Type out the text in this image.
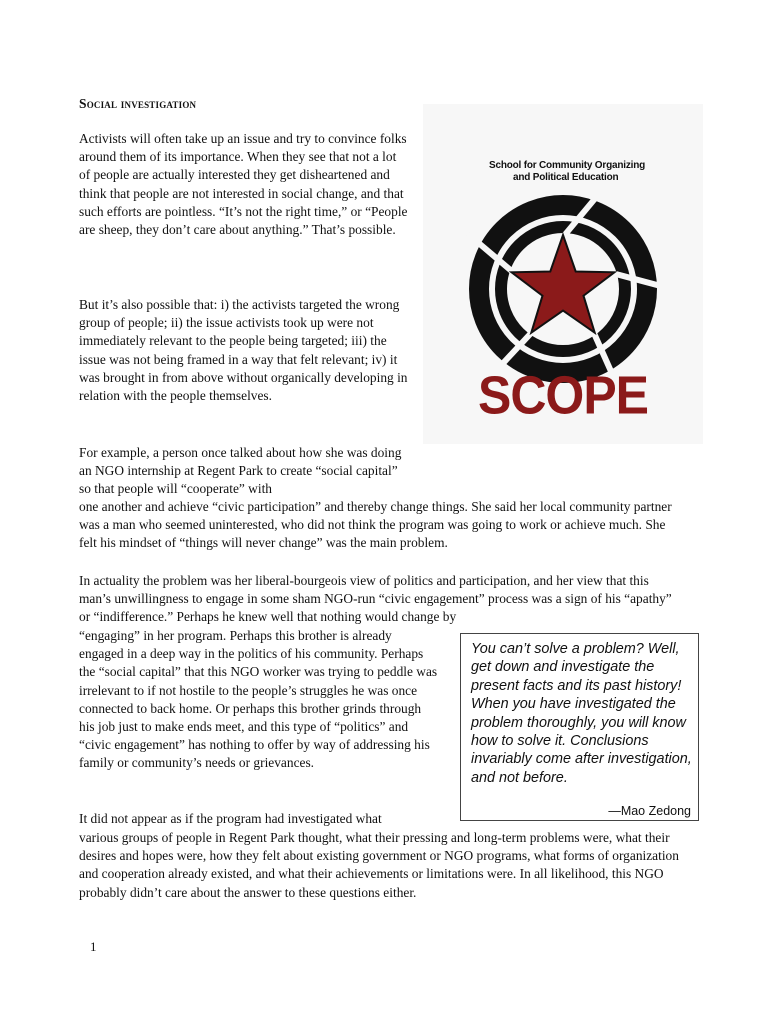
Social investigation

Activists will often take up an issue and try to convince folks around them of its importance. When they see that not a lot of people are actually interested they get disheartened and think that people are not interested in social change, and that such efforts are pointless. “It’s not the right time,” or “People are sheep, they don’t care about anything.” That’s possible.

But it’s also possible that: i) the activists targeted the wrong group of people; ii) the issue activists took up were not immediately relevant to the people being targeted; iii) the issue was not being framed in a way that felt relevant; iv) it was brought in from above without organically developing in relation with the people themselves.

For example, a person once talked about how she was doing an NGO internship at Regent Park to create “social capital” so that people will “cooperate” with

one another and achieve “civic participation” and thereby change things. She said her local community partner was a man who seemed uninterested, who did not think the program was going to work or achieve much. She felt his mindset of “things will never change” was the main problem.

In actuality the problem was her liberal-bourgeois view of politics and participation, and her view that this man’s unwillingness to engage in some sham NGO-run “civic engagement” process was a sign of his “apathy” or “indifference.” Perhaps he knew well that nothing would change by

“engaging” in her program. Perhaps this brother is already engaged in a deep way in the politics of his community. Perhaps the “social capital” that this NGO worker was trying to peddle was irrelevant to if not hostile to the people’s struggles he was once connected to back home. Or perhaps this brother grinds through his job just to make ends meet, and this type of “politics” and “civic engagement” has nothing to offer by way of addressing his family or community’s needs or grievances.

It did not appear as if the program had investigated what

various groups of people in Regent Park thought, what their pressing and long-term problems were, what their desires and hopes were, how they felt about existing government or NGO programs, what forms of organization and cooperation already existed, and what their achievements or limitations were. In all likelihood, this NGO probably didn’t care about the answer to these questions either.

School for Community Organizing
and Political Education
SCOPE
You can’t solve a problem? Well, get down and investigate the present facts and its past history! When you have investigated the problem thoroughly, you will know how to solve it. Conclusions invariably come after investigation, and not before.
—Mao Zedong
1
